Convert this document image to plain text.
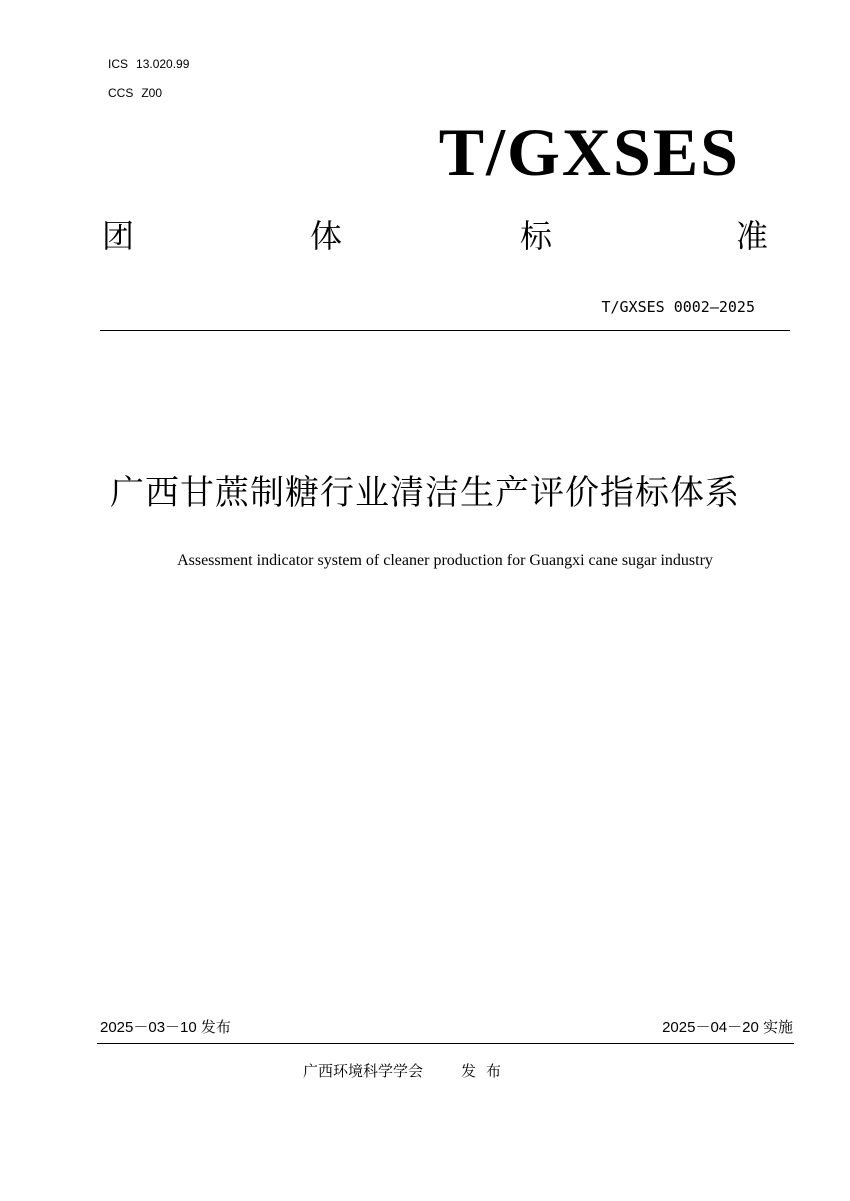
ICS 13.020.99
CCS Z00
T/GXSES
团	体	标	准
T/GXSES 0002—2025
广西甘蔗制糖行业清洁生产评价指标体系
Assessment indicator system of cleaner production for Guangxi cane sugar industry
2025－03－10 发布	2025－04－20 实施
广西环境科学学会	发布
